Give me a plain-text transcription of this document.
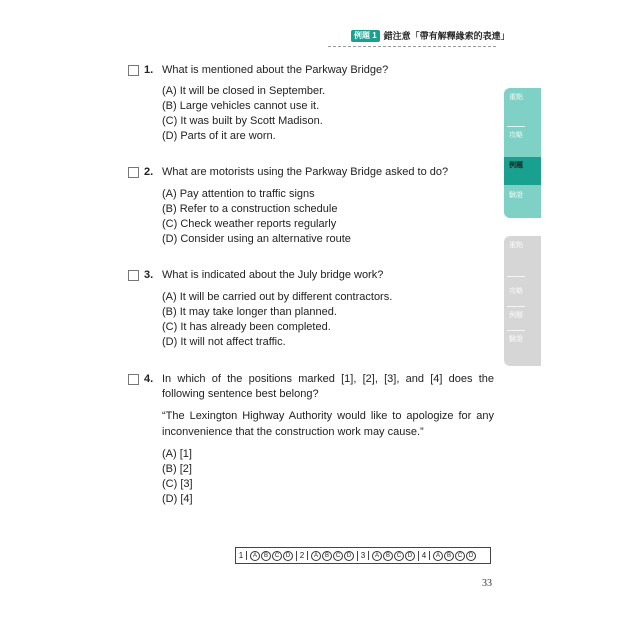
例題 1 錯注意「帶有解釋緣索的表達」
1. What is mentioned about the Parkway Bridge?
(A) It will be closed in September.
(B) Large vehicles cannot use it.
(C) It was built by Scott Madison.
(D) Parts of it are worn.
2. What are motorists using the Parkway Bridge asked to do?
(A) Pay attention to traffic signs
(B) Refer to a construction schedule
(C) Check weather reports regularly
(D) Consider using an alternative route
3. What is indicated about the July bridge work?
(A) It will be carried out by different contractors.
(B) It may take longer than planned.
(C) It has already been completed.
(D) It will not affect traffic.
4. In which of the positions marked [1], [2], [3], and [4] does the following sentence best belong?
“The Lexington Highway Authority would like to apologize for any inconvenience that the construction work may cause.”
(A) [1]
(B) [2]
(C) [3]
(D) [4]
重點
攻略
例題
驗證
重點
攻略
例題
驗證
1	A	B	C	D	2	A	B	C	D	3	A	B	C	D	4	A	B	C	D
33
